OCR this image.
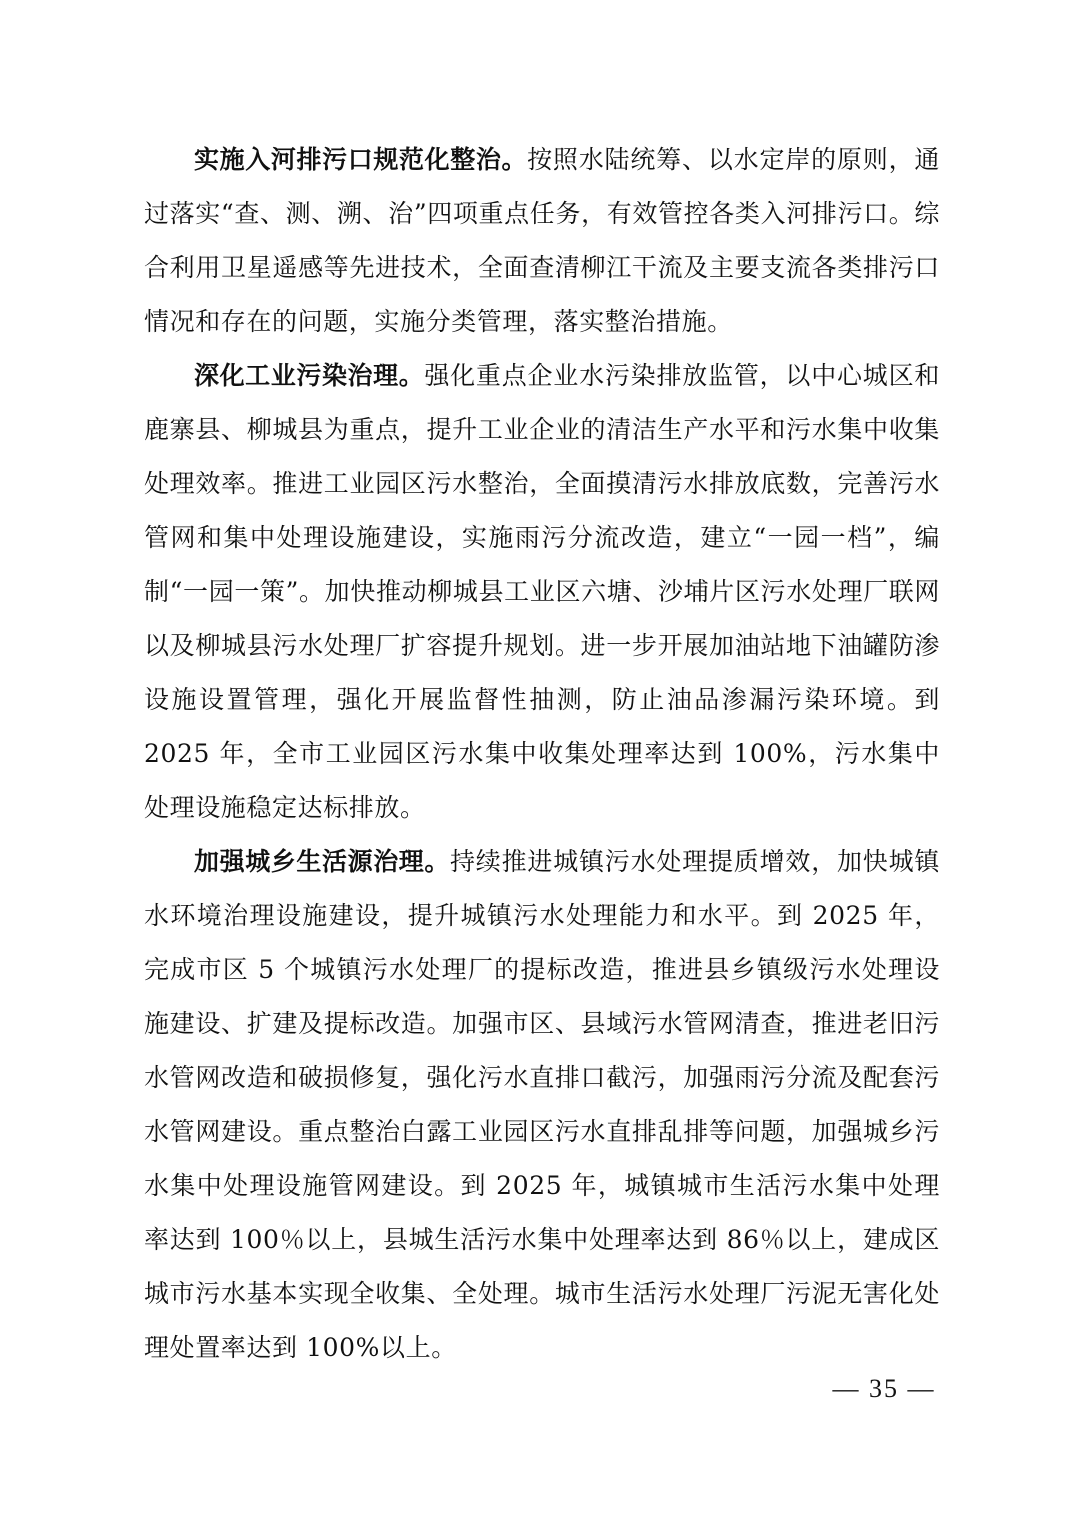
实施入河排污口规范化整治。按照水陆统筹、以水定岸的原则，通过落实“查、测、溯、治”四项重点任务，有效管控各类入河排污口。综合利用卫星遥感等先进技术，全面查清柳江干流及主要支流各类排污口情况和存在的问题，实施分类管理，落实整治措施。

深化工业污染治理。强化重点企业水污染排放监管，以中心城区和鹿寨县、柳城县为重点，提升工业企业的清洁生产水平和污水集中收集处理效率。推进工业园区污水整治，全面摸清污水排放底数，完善污水管网和集中处理设施建设，实施雨污分流改造，建立“一园一档”，编制“一园一策”。加快推动柳城县工业区六塘、沙埔片区污水处理厂联网以及柳城县污水处理厂扩容提升规划。进一步开展加油站地下油罐防渗设施设置管理，强化开展监督性抽测，防止油品渗漏污染环境。到 2025 年，全市工业园区污水集中收集处理率达到 100%，污水集中处理设施稳定达标排放。

加强城乡生活源治理。持续推进城镇污水处理提质增效，加快城镇水环境治理设施建设，提升城镇污水处理能力和水平。到 2025 年，完成市区 5 个城镇污水处理厂的提标改造，推进县乡镇级污水处理设施建设、扩建及提标改造。加强市区、县域污水管网清查，推进老旧污水管网改造和破损修复，强化污水直排口截污，加强雨污分流及配套污水管网建设。重点整治白露工业园区污水直排乱排等问题，加强城乡污水集中处理设施管网建设。到 2025 年，城镇城市生活污水集中处理率达到 100％以上，县城生活污水集中处理率达到 86％以上，建成区城市污水基本实现全收集、全处理。城市生活污水处理厂污泥无害化处理处置率达到 100%以上。

— 35 —
